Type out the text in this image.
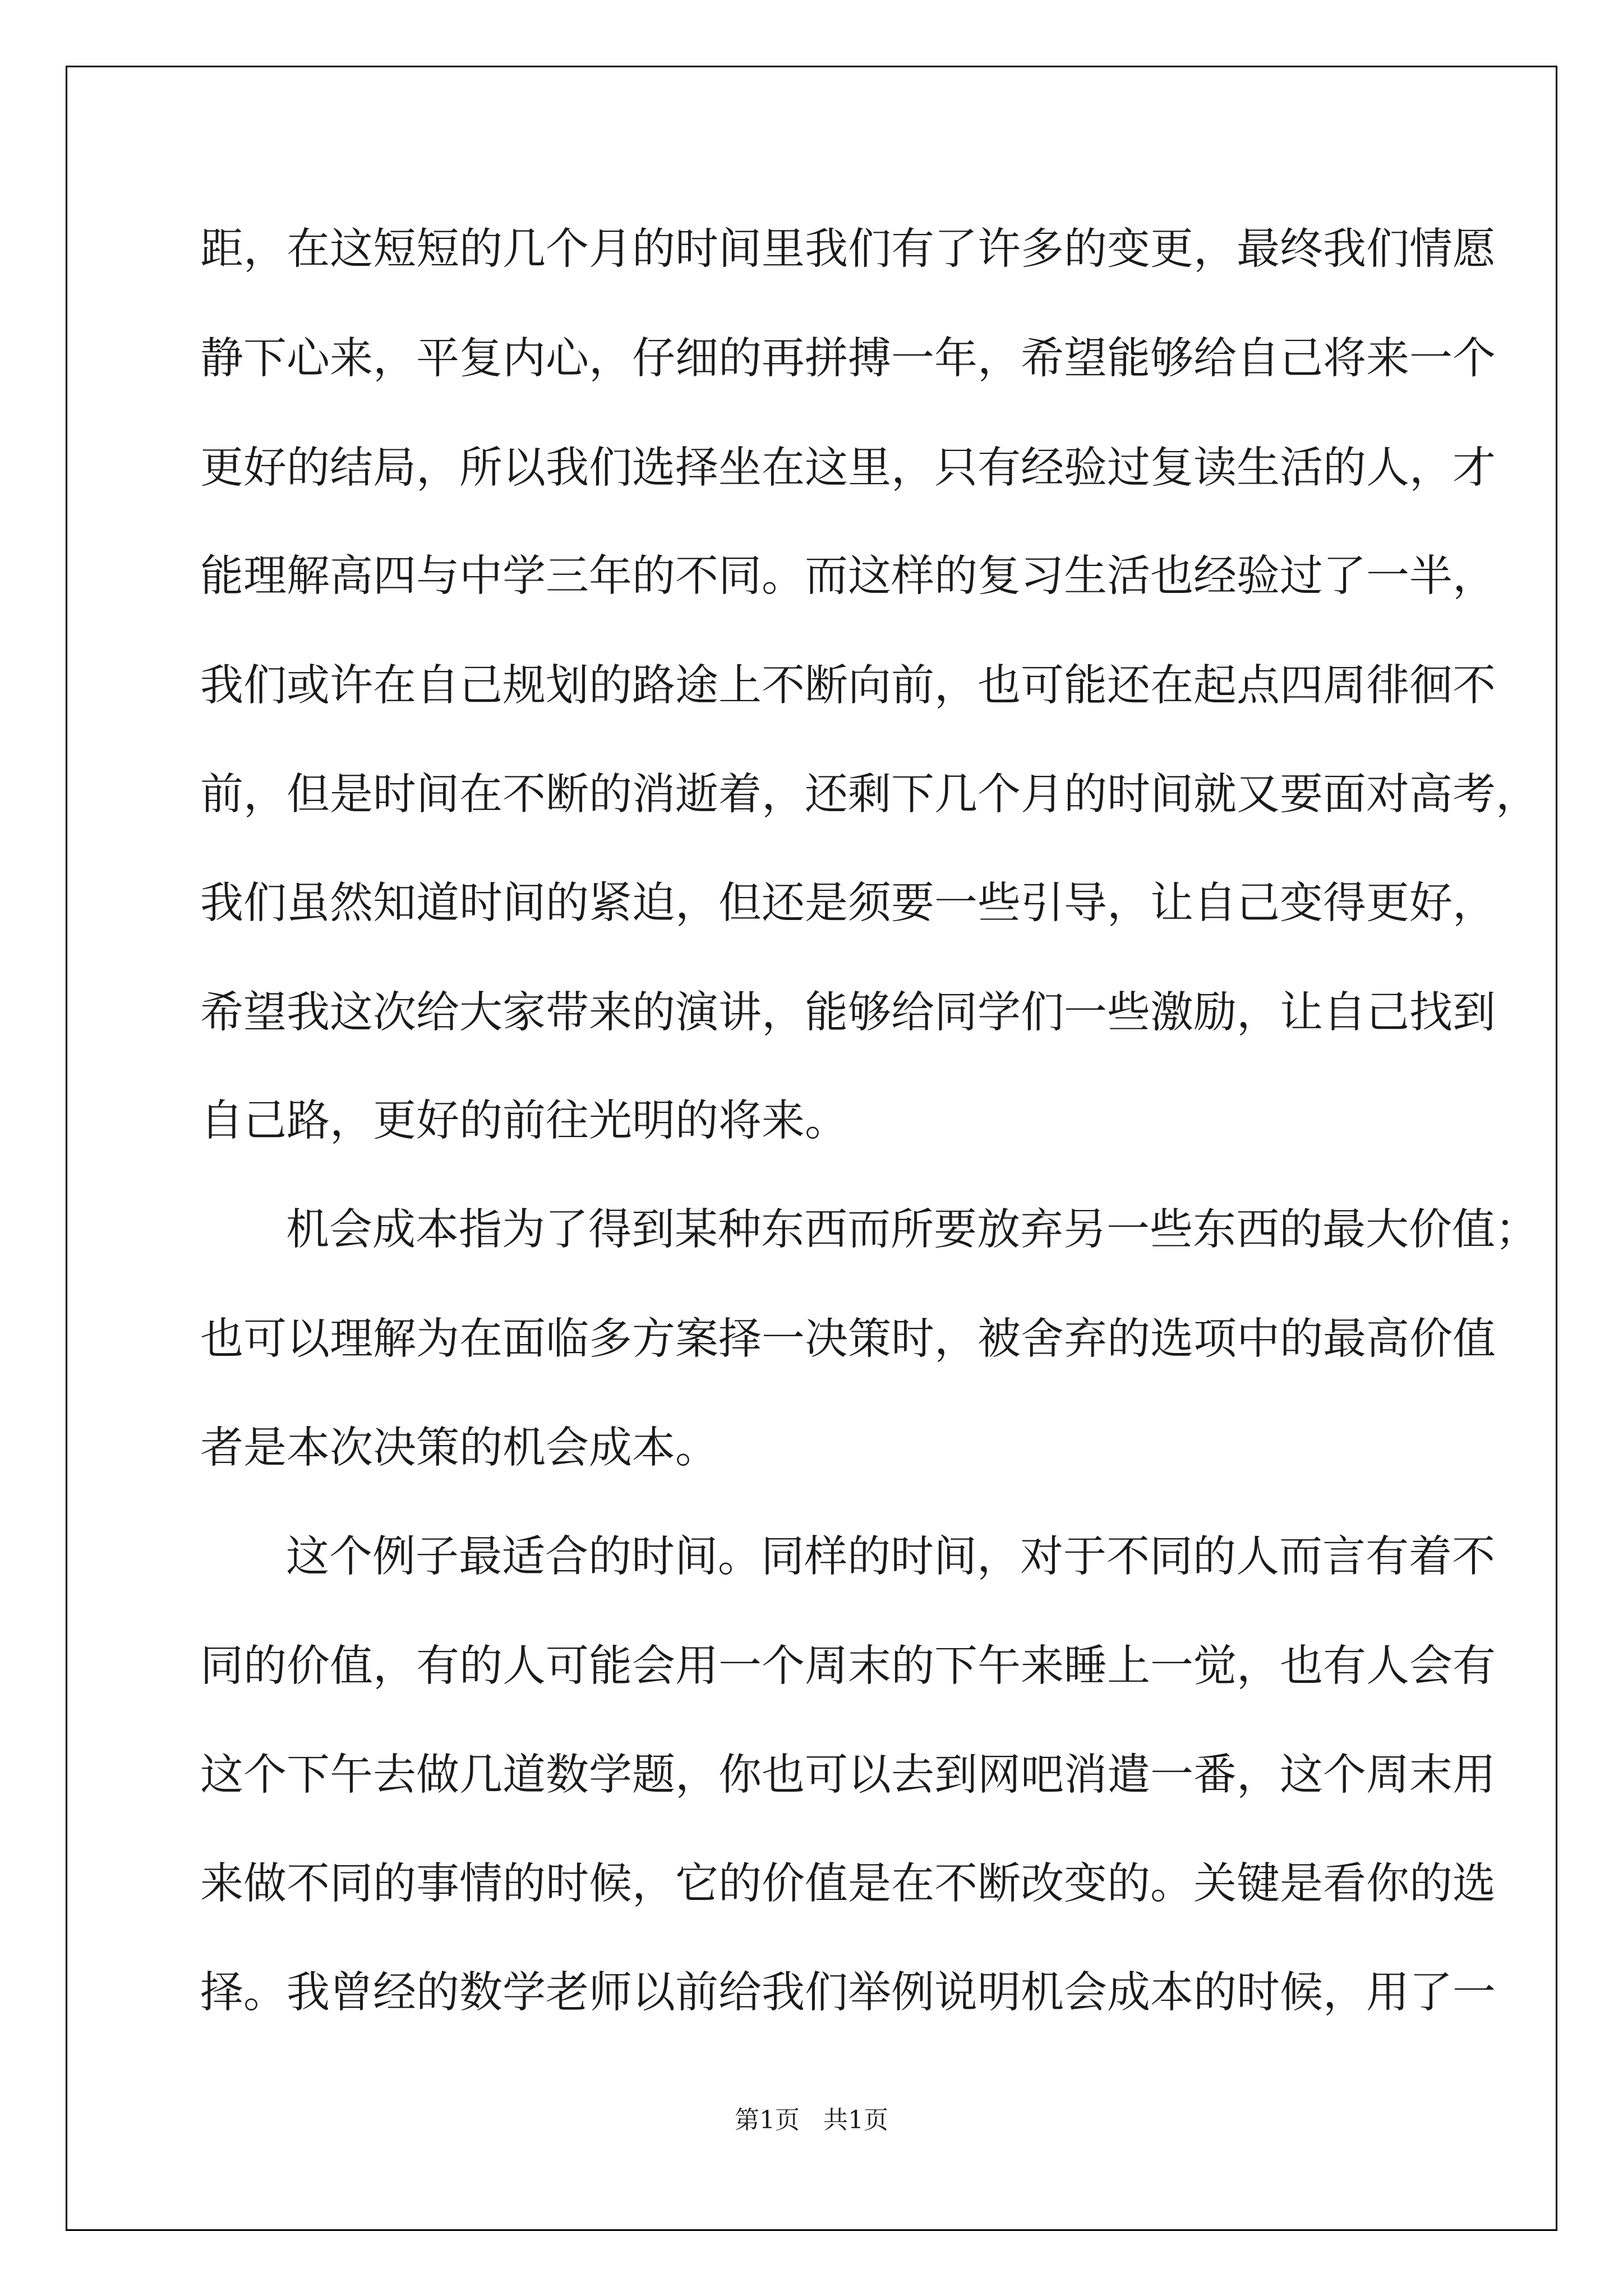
距，在这短短的几个月的时间里我们有了许多的变更，最终我们情愿
静下心来，平复内心，仔细的再拼搏一年，希望能够给自己将来一个
更好的结局，所以我们选择坐在这里，只有经验过复读生活的人，才
能理解高四与中学三年的不同。而这样的复习生活也经验过了一半，
我们或许在自己规划的路途上不断向前，也可能还在起点四周徘徊不
前，但是时间在不断的消逝着，还剩下几个月的时间就又要面对高考，
我们虽然知道时间的紧迫，但还是须要一些引导，让自己变得更好，
希望我这次给大家带来的演讲，能够给同学们一些激励，让自己找到
自己路，更好的前往光明的将来。
机会成本指为了得到某种东西而所要放弃另一些东西的最大价值；
也可以理解为在面临多方案择一决策时，被舍弃的选项中的最高价值
者是本次决策的机会成本。
这个例子最适合的时间。同样的时间，对于不同的人而言有着不
同的价值，有的人可能会用一个周末的下午来睡上一觉，也有人会有
这个下午去做几道数学题，你也可以去到网吧消遣一番，这个周末用
来做不同的事情的时候，它的价值是在不断改变的。关键是看你的选
择。我曾经的数学老师以前给我们举例说明机会成本的时候，用了一
第1页   共1页
